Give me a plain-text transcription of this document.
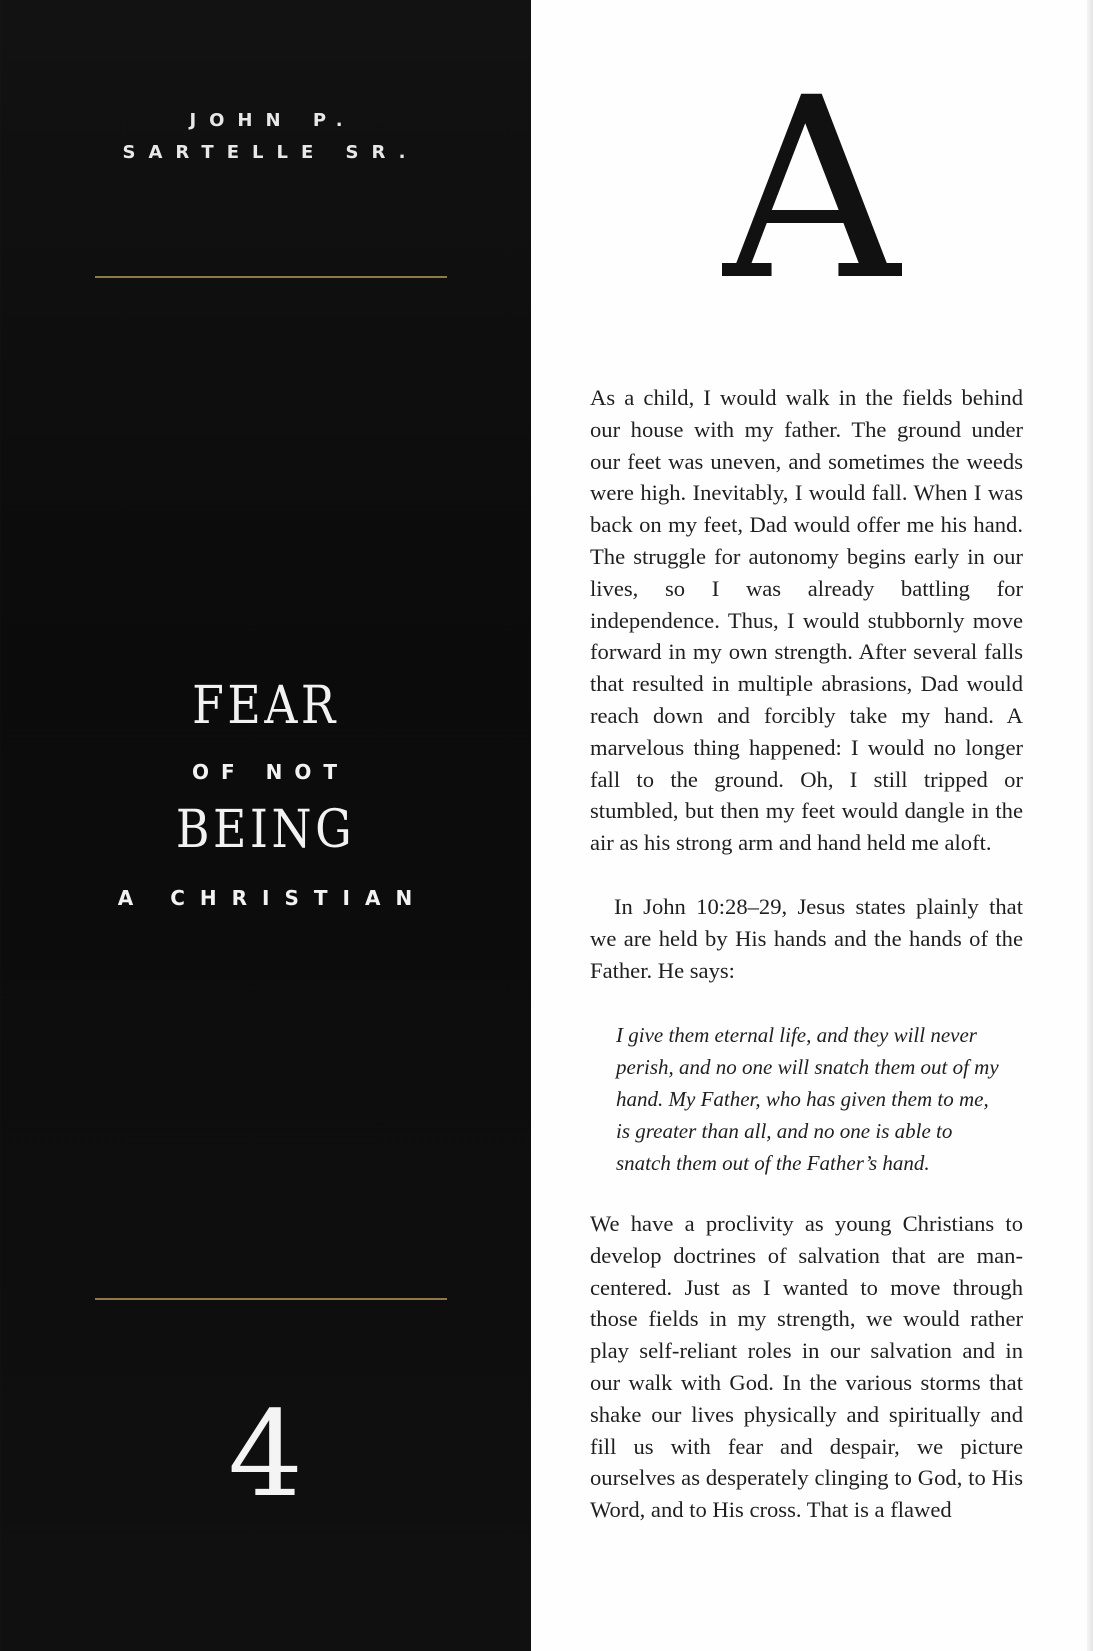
JOHN P.
SARTELLE SR.
FEAR
OF NOT
BEING
A CHRISTIAN
4
A

As a child, I would walk in the fields behind our house with my father. The ground under our feet was uneven, and sometimes the weeds were high. Inevitably, I would fall. When I was back on my feet, Dad would offer me his hand. The struggle for autonomy begins early in our lives, so I was already battling for independence. Thus, I would stubbornly move forward in my own strength. After several falls that resulted in multiple abrasions, Dad would reach down and forcibly take my hand. A marvelous thing happened: I would no longer fall to the ground. Oh, I still tripped or stumbled, but then my feet would dangle in the air as his strong arm and hand held me aloft.

In John 10:28–29, Jesus states plainly that we are held by His hands and the hands of the Father. He says:

I give them eternal life, and they will never perish, and no one will snatch them out of my hand. My Father, who has given them to me, is greater than all, and no one is able to snatch them out of the Father’s hand.

We have a proclivity as young Christians to develop doctrines of salvation that are man-centered. Just as I wanted to move through those fields in my strength, we would rather play self-reliant roles in our salvation and in our walk with God. In the various storms that shake our lives physically and spiritually and fill us with fear and despair, we picture ourselves as desperately clinging to God, to His Word, and to His cross. That is a flawed
